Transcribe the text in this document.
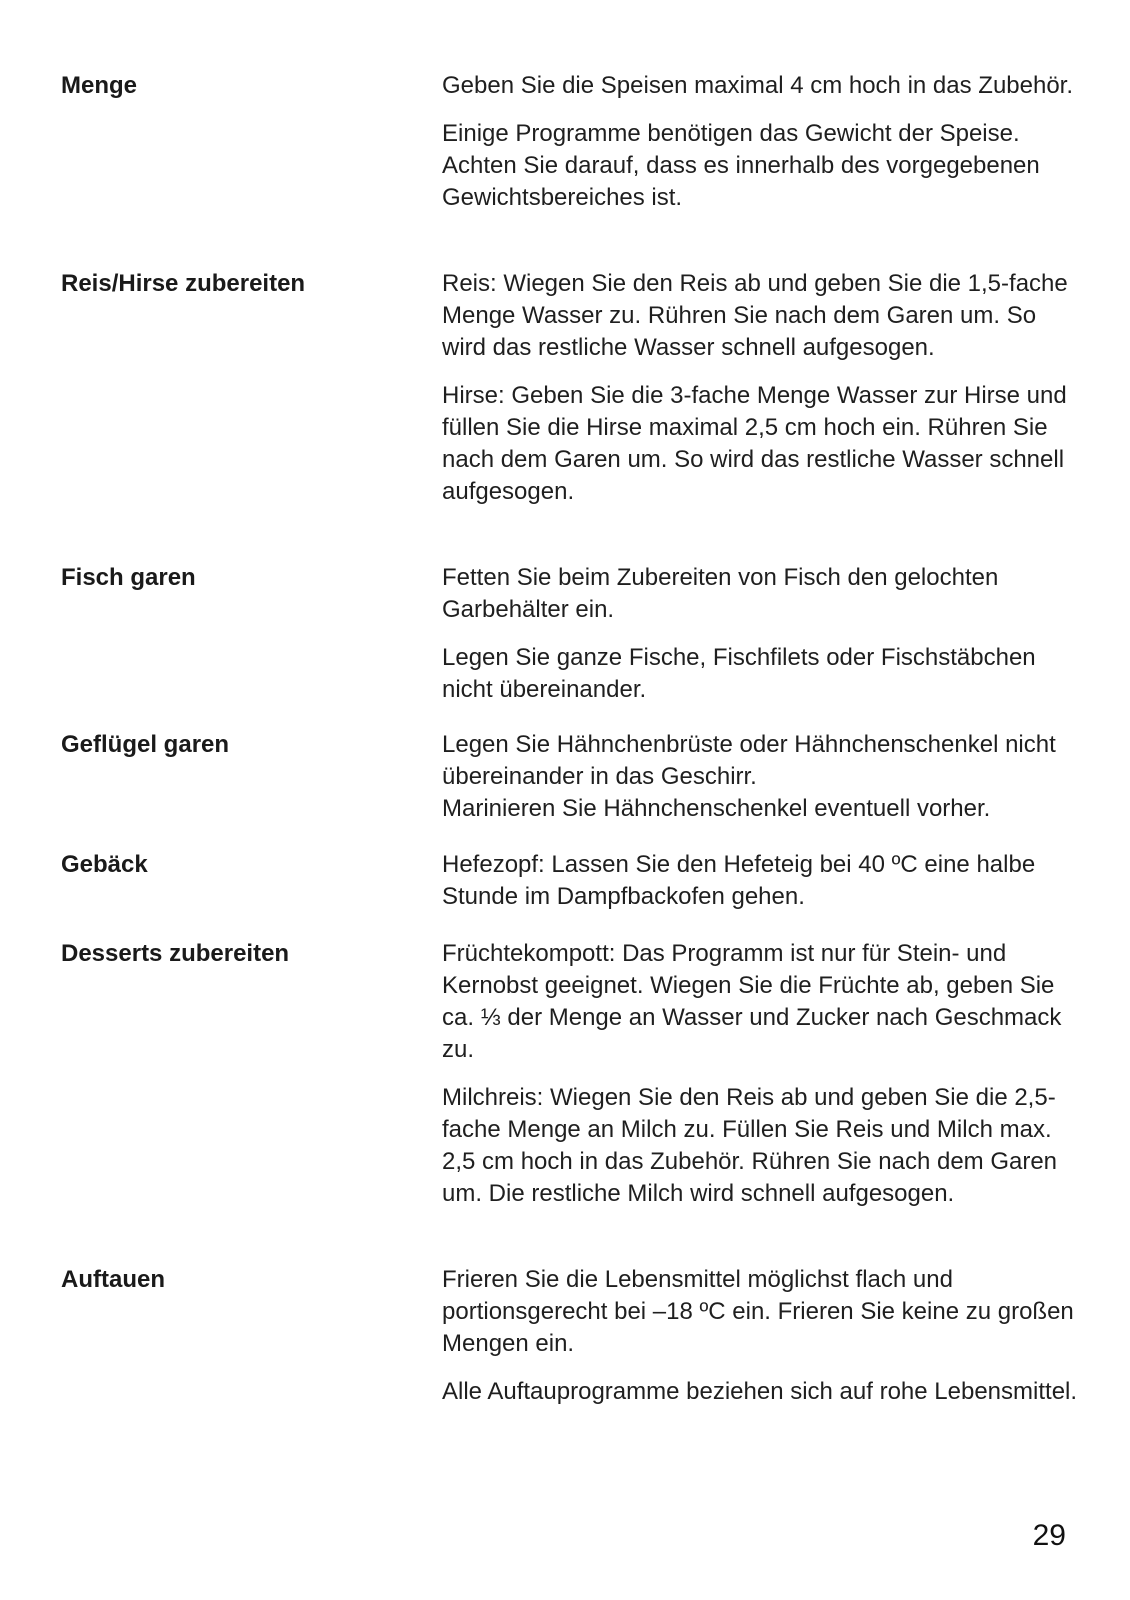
Menge	Geben Sie die Speisen maximal 4 cm hoch in das Zubehör.

Einige Programme benötigen das Gewicht der Speise. Achten Sie darauf, dass es innerhalb des vorgegebenen Gewichtsbereiches ist.

Reis/Hirse zubereiten	Reis: Wiegen Sie den Reis ab und geben Sie die 1,5-fache Menge Wasser zu. Rühren Sie nach dem Garen um. So wird das restliche Wasser schnell aufgesogen.

Hirse: Geben Sie die 3-fache Menge Wasser zur Hirse und füllen Sie die Hirse maximal 2,5 cm hoch ein. Rühren Sie nach dem Garen um. So wird das restliche Wasser schnell aufgesogen.

Fisch garen	Fetten Sie beim Zubereiten von Fisch den gelochten Garbehälter ein.

Legen Sie ganze Fische, Fischfilets oder Fischstäbchen nicht übereinander.

Geflügel garen	Legen Sie Hähnchenbrüste oder Hähnchenschenkel nicht übereinander in das Geschirr.

Marinieren Sie Hähnchenschenkel eventuell vorher.

Gebäck	Hefezopf: Lassen Sie den Hefeteig bei 40 ºC eine halbe Stunde im Dampfbackofen gehen.

Desserts zubereiten	Früchtekompott: Das Programm ist nur für Stein- und Kernobst geeignet. Wiegen Sie die Früchte ab, geben Sie ca. ⅓ der Menge an Wasser und Zucker nach Geschmack zu.

Milchreis: Wiegen Sie den Reis ab und geben Sie die 2,5-fache Menge an Milch zu. Füllen Sie Reis und Milch max. 2,5 cm hoch in das Zubehör. Rühren Sie nach dem Garen um. Die restliche Milch wird schnell aufgesogen.

Auftauen	Frieren Sie die Lebensmittel möglichst flach und portionsgerecht bei –18 ºC ein. Frieren Sie keine zu großen Mengen ein.

Alle Auftauprogramme beziehen sich auf rohe Lebensmittel.

29
